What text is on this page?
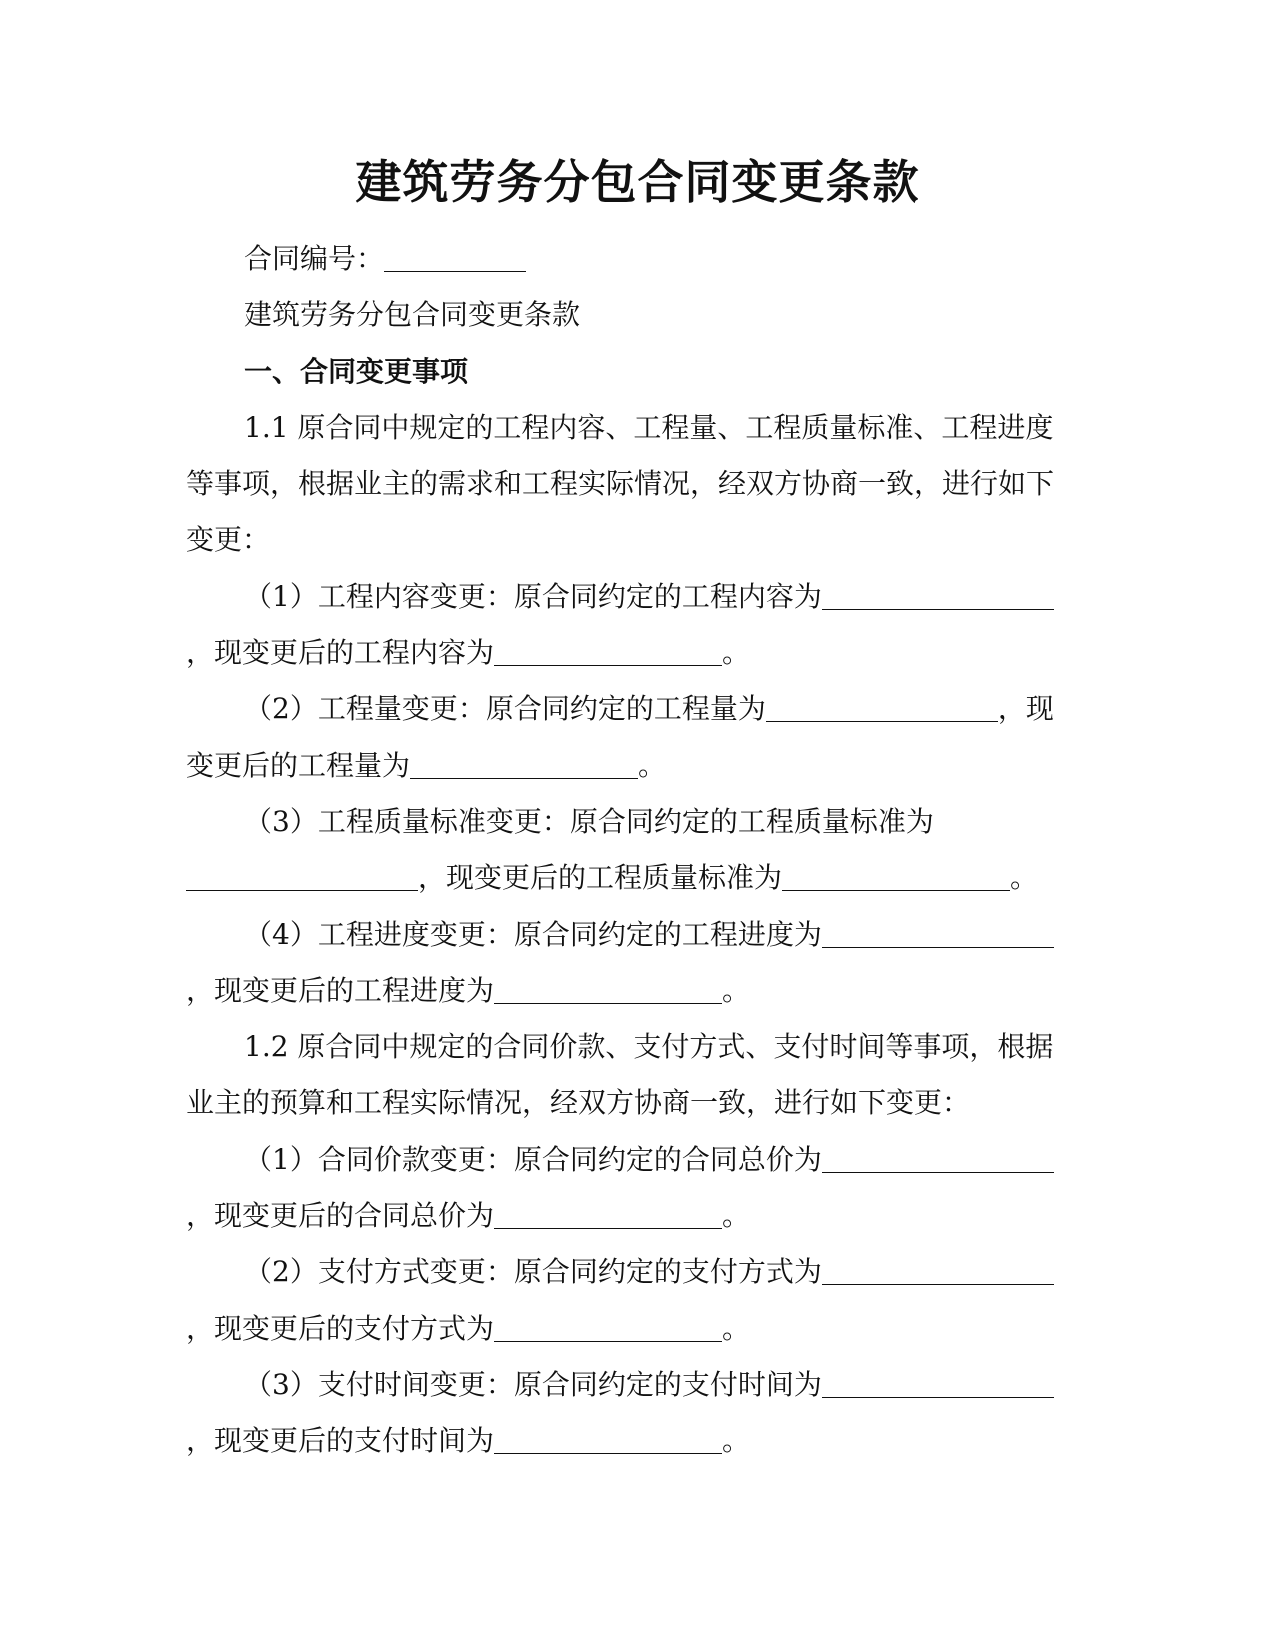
建筑劳务分包合同变更条款

合同编号：

建筑劳务分包合同变更条款

一、合同变更事项

1.1 原合同中规定的工程内容、工程量、工程质量标准、工程进度等事项，根据业主的需求和工程实际情况，经双方协商一致，进行如下变更：

（1）工程内容变更：原合同约定的工程内容为，现变更后的工程内容为	。

（2）工程量变更：原合同约定的工程量为	，现变更后的工程量为	。

（3）工程质量标准变更：原合同约定的工程质量标准为，现变更后的工程质量标准为	。

（4）工程进度变更：原合同约定的工程进度为，现变更后的工程进度为	。

1.2 原合同中规定的合同价款、支付方式、支付时间等事项，根据业主的预算和工程实际情况，经双方协商一致，进行如下变更：

（1）合同价款变更：原合同约定的合同总价为，现变更后的合同总价为	。

（2）支付方式变更：原合同约定的支付方式为，现变更后的支付方式为	。

（3）支付时间变更：原合同约定的支付时间为，现变更后的支付时间为	。
